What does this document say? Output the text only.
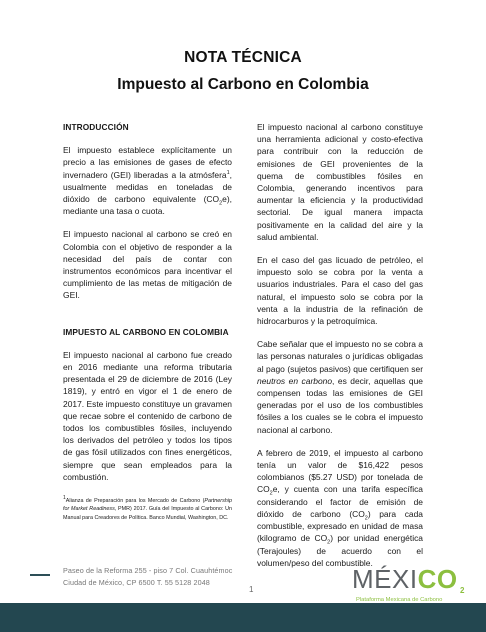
NOTA TÉCNICA
Impuesto al Carbono en Colombia
INTRODUCCIÓN

El impuesto establece explícitamente un precio a las emisiones de gases de efecto invernadero (GEI) liberadas a la atmósfera$^1$, usualmente medidas en toneladas de dióxido de carbono equivalente $(CO_2e)$, mediante una tasa o cuota.

El impuesto nacional al carbono se creó en Colombia con el objetivo de responder a la necesidad del país de contar con instrumentos económicos para incentivar el cumplimiento de las metas de mitigación de GEI.

IMPUESTO AL CARBONO EN COLOMBIA

El impuesto nacional al carbono fue creado en 2016 mediante una reforma tributaria presentada el 29 de diciembre de 2016 (Ley 1819), y entró en vigor el 1 de enero de 2017. Este impuesto constituye un gravamen que recae sobre el contenido de carbono de todos los combustibles fósiles, incluyendo los derivados del petróleo y todos los tipos de gas fósil utilizados con fines energéticos, siempre que sean empleados para la combustión.

1Alianza de Preparación para los Mercado de Carbono (Partnership for Market Readiness, PMR) 2017. Guía del Impuesto al Carbono: Un Manual para Creadores de Política. Banco Mundial, Washington, DC.

El impuesto nacional al carbono constituye una herramienta adicional y costo-efectiva para contribuir con la reducción de emisiones de GEI provenientes de la quema de combustibles fósiles en Colombia, generando incentivos para aumentar la eficiencia y la productividad sectorial. De igual manera impacta positivamente en la calidad del aire y la salud ambiental.

En el caso del gas licuado de petróleo, el impuesto solo se cobra por la venta a usuarios industriales. Para el caso del gas natural, el impuesto solo se cobra por la venta a la industria de la refinación de hidrocarburos y la petroquímica.

Cabe señalar que el impuesto no se cobra a las personas naturales o jurídicas obligadas al pago (sujetos pasivos) que certifiquen ser neutros en carbono, es decir, aquellas que compensen todas las emisiones de GEI generadas por el uso de los combustibles fósiles a los cuales se le cobra el impuesto nacional al carbono.

A febrero de 2019, el impuesto al carbono tenía un valor de $16,422 pesos colombianos ($5.27 USD) por tonelada de $CO_2e$, y cuenta con una tarifa específica considerando el factor de emisión de dióxido de carbono $(CO_2)$ para cada combustible, expresado en unidad de masa (kilogramo de $CO_2$) por unidad energética (Terajoules) de acuerdo con el volumen/peso del combustible.

Paseo de la Reforma 255 - piso 7 Col. Cuauhtémoc
Ciudad de México, CP 6500 T. 55 5128 2048
1	MÉXICO 2
Plataforma Mexicana de Carbono
